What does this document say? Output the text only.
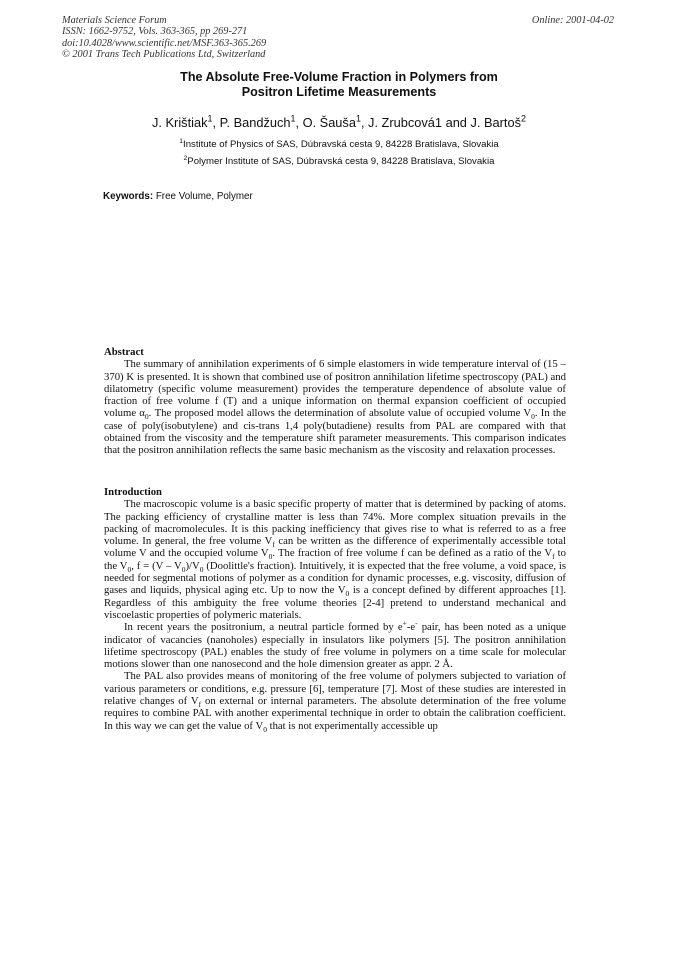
Materials Science Forum
ISSN: 1662-9752, Vols. 363-365, pp 269-271
doi:10.4028/www.scientific.net/MSF.363-365.269
© 2001 Trans Tech Publications Ltd, Switzerland
Online: 2001-04-02
The Absolute Free-Volume Fraction in Polymers from
Positron Lifetime Measurements
J. Krištiak$^1$, P. Bandžuch$^1$, O. Šauša$^1$, J. Zrubcová1 and J. Bartoš$^2$
$^1$Institute of Physics of SAS, Dúbravská cesta 9, 84228 Bratislava, Slovakia
$^2$Polymer Institute of SAS, Dúbravská cesta 9, 84228 Bratislava, Slovakia
Keywords: Free Volume, Polymer
Abstract

The summary of annihilation experiments of 6 simple elastomers in wide temperature interval of (15 – 370) K is presented. It is shown that combined use of positron annihilation lifetime spectroscopy (PAL) and dilatometry (specific volume measurement) provides the temperature dependence of absolute value of fraction of free volume f (T) and a unique information on thermal expansion coefficient of occupied volume $\alpha_0$. The proposed model allows the determination of absolute value of occupied volume $V_0$. In the case of poly(isobutylene) and cis-trans 1,4 poly(butadiene) results from PAL are compared with that obtained from the viscosity and the temperature shift parameter measurements. This comparison indicates that the positron annihilation reflects the same basic mechanism as the viscosity and relaxation processes.

Introduction

The macroscopic volume is a basic specific property of matter that is determined by packing of atoms. The packing efficiency of crystalline matter is less than 74%. More complex situation prevails in the packing of macromolecules. It is this packing inefficiency that gives rise to what is referred to as a free volume. In general, the free volume $V_f$ can be written as the difference of experimentally accessible total volume V and the occupied volume $V_0$. The fraction of free volume f can be defined as a ratio of the $V_f$ to the $V_0$, $f = (V - V_0)/V_0$ (Doolittle's fraction). Intuitively, it is expected that the free volume, a void space, is needed for segmental motions of polymer as a condition for dynamic processes, e.g. viscosity, diffusion of gases and liquids, physical aging etc. Up to now the $V_0$ is a concept defined by different approaches [1]. Regardless of this ambiguity the free volume theories [2-4] pretend to understand mechanical and viscoelastic properties of polymeric materials.

In recent years the positronium, a neutral particle formed by e+-e- pair, has been noted as a unique indicator of vacancies (nanoholes) especially in insulators like polymers [5]. The positron annihilation lifetime spectroscopy (PAL) enables the study of free volume in polymers on a time scale for molecular motions slower than one nanosecond and the hole dimension greater as appr. 2 Å.

The PAL also provides means of monitoring of the free volume of polymers subjected to variation of various parameters or conditions, e.g. pressure [6], temperature [7]. Most of these studies are interested in relative changes of $V_f$ on external or internal parameters. The absolute determination of the free volume requires to combine PAL with another experimental technique in order to obtain the calibration coefficient. In this way we can get the value of $V_0$ that is not experimentally accessible up
